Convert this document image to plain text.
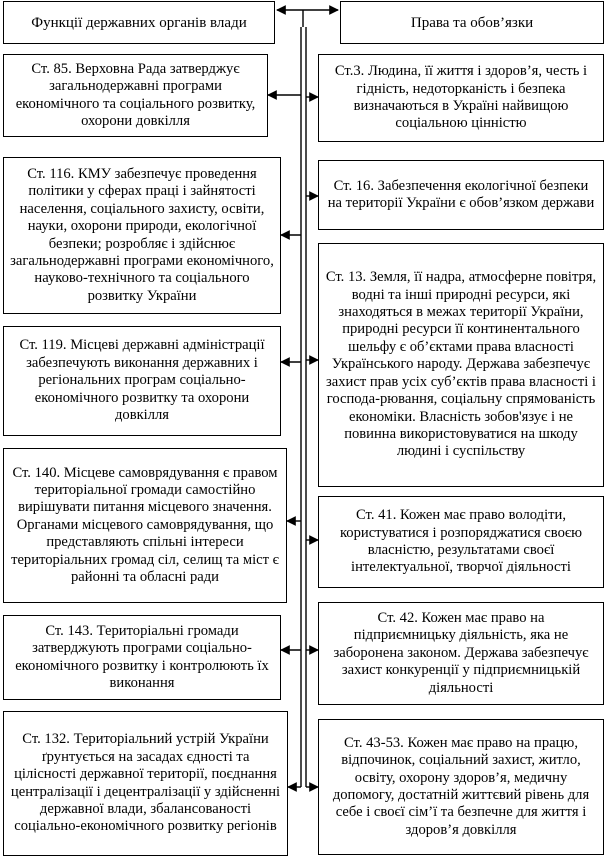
Функції державних органів влади	Права та обов’язки
Ст. 85. Верховна Рада затверджує загальнодержавні програми економічного та соціального розвитку, охорони довкілля
Ст. 116. КМУ забезпечує проведення політики у сферах праці і зайнятості населення, соціального захисту, освіти, науки, охорони природи, екологічної безпеки; розробляє і здійснює загальнодержавні програми економічного, науково-технічного та соціального розвитку України
Ст. 119. Місцеві державні адміністрації забезпечують виконання державних і регіональних програм соціально-економічного розвитку та охорони довкілля
Ст. 140. Місцеве самоврядування є правом територіальної громади самостійно вирішувати питання місцевого значення. Органами місцевого самоврядування, що представляють спільні інтереси територіальних громад сіл, селищ та міст є районні та обласні ради
Ст. 143. Територіальні громади затверджують програми соціально-економічного розвитку і контролюють їх виконання
Ст. 132. Територіальний устрій України ґрунтується на засадах єдності та цілісності державної території, поєднання централізації і децентралізації у здійсненні державної влади, збалансованості соціально-економічного розвитку регіонів
Ст.3. Людина, її життя і здоров’я, честь і гідність, недоторканість і безпека визначаються в Україні найвищою соціальною цінністю
Ст. 16. Забезпечення екологічної безпеки на території України є обов’язком держави
Ст. 13. Земля, її надра, атмосферне повітря, водні та інші природні ресурси, які знаходяться в межах території України, природні ресурси її континентального шельфу є об’єктами права власності Українського народу. Держава забезпечує захист прав усіх суб’єктів права власності і господа-рювання, соціальну спрямованість економіки. Власність зобов'язує і не повинна використовуватися на шкоду людині і суспільству
Ст. 41. Кожен має право володіти, користуватися і розпоряджатися своєю власністю, результатами своєї інтелектуальної, творчої діяльності
Ст. 42. Кожен має право на підприємницьку діяльність, яка не заборонена законом. Держава забезпечує захист конкуренції у підприємницькій діяльності
Ст. 43-53. Кожен має право на працю, відпочинок, соціальний захист, житло, освіту, охорону здоров’я, медичну допомогу, достатній життєвий рівень для себе і своєї сім’ї та безпечне для життя і здоров’я довкілля
